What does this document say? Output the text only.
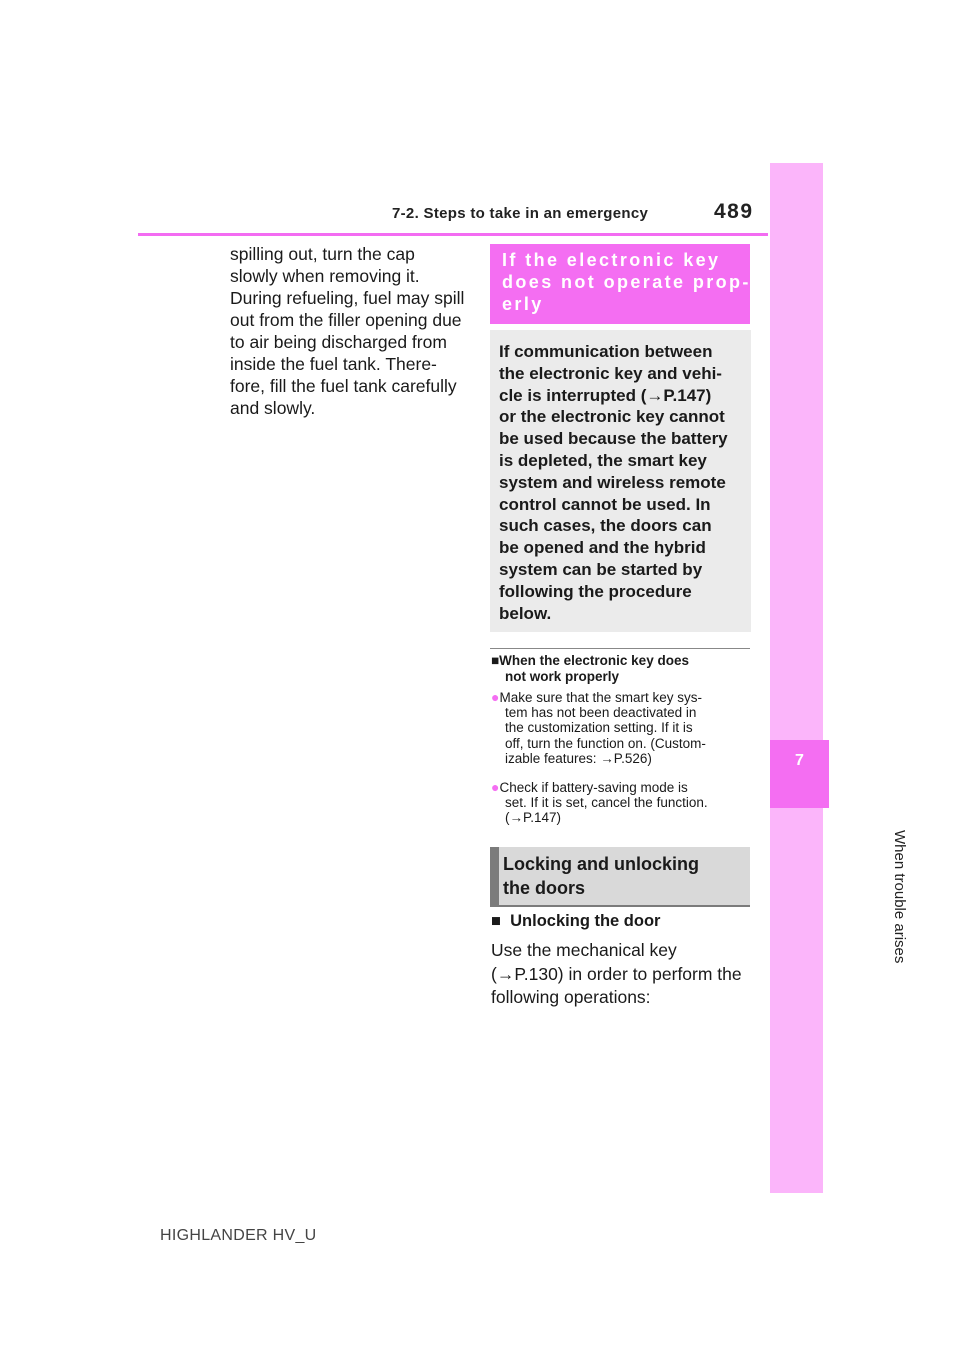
7-2. Steps to take in an emergency	489
7
When trouble arises

spilling out, turn the cap
slowly when removing it.
During refueling, fuel may spill
out from the filler opening due
to air being discharged from
inside the fuel tank. There-
fore, fill the fuel tank carefully
and slowly.

If the electronic key
does not operate prop-
erly

If communication between
the electronic key and vehi-
cle is interrupted (→P.147)
or the electronic key cannot
be used because the battery
is depleted, the smart key
system and wireless remote
control cannot be used. In
such cases, the doors can
be opened and the hybrid
system can be started by
following the procedure
below.

■When the electronic key does
not work properly

●Make sure that the smart key sys-
tem has not been deactivated in
the customization setting. If it is
off, turn the function on. (Custom-
izable features: →P.526)

●Check if battery-saving mode is
set. If it is set, cancel the function.
(→P.147)

Locking and unlocking
the doors

■ Unlocking the door

Use the mechanical key
(→P.130) in order to perform the
following operations:

HIGHLANDER HV_U
